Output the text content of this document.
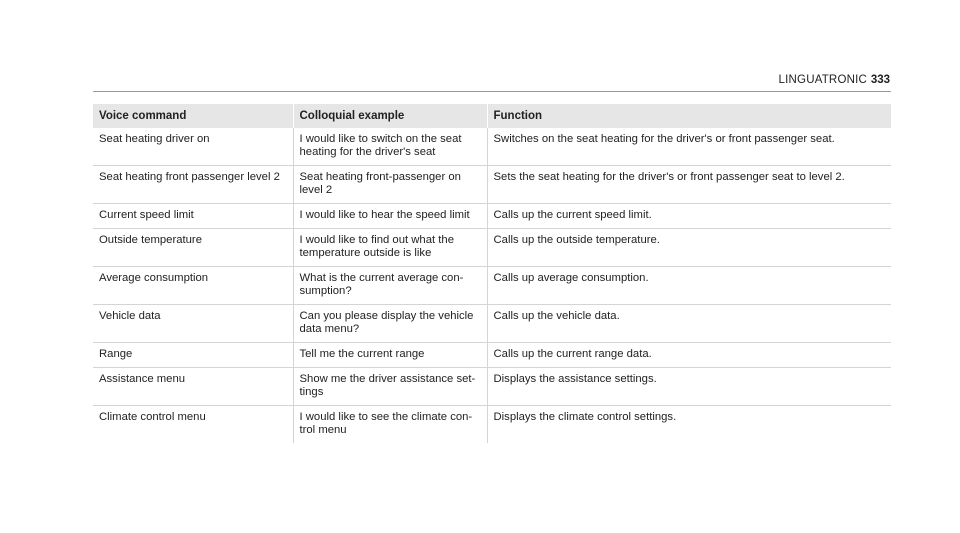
LINGUATRONIC 333
Voice command	Colloquial example	Function
Seat heating driver on	I would like to switch on the seat heating for the driver's seat	Switches on the seat heating for the driver's or front passenger seat.
Seat heating front passenger level 2	Seat heating front-passenger on level 2	Sets the seat heating for the driver's or front passenger seat to level 2.
Current speed limit	I would like to hear the speed limit	Calls up the current speed limit.
Outside temperature	I would like to find out what the temperature outside is like	Calls up the outside temperature.
Average consumption	What is the current average con-sumption?	Calls up average consumption.
Vehicle data	Can you please display the vehicle data menu?	Calls up the vehicle data.
Range	Tell me the current range	Calls up the current range data.
Assistance menu	Show me the driver assistance set-tings	Displays the assistance settings.
Climate control menu	I would like to see the climate con-trol menu	Displays the climate control settings.
